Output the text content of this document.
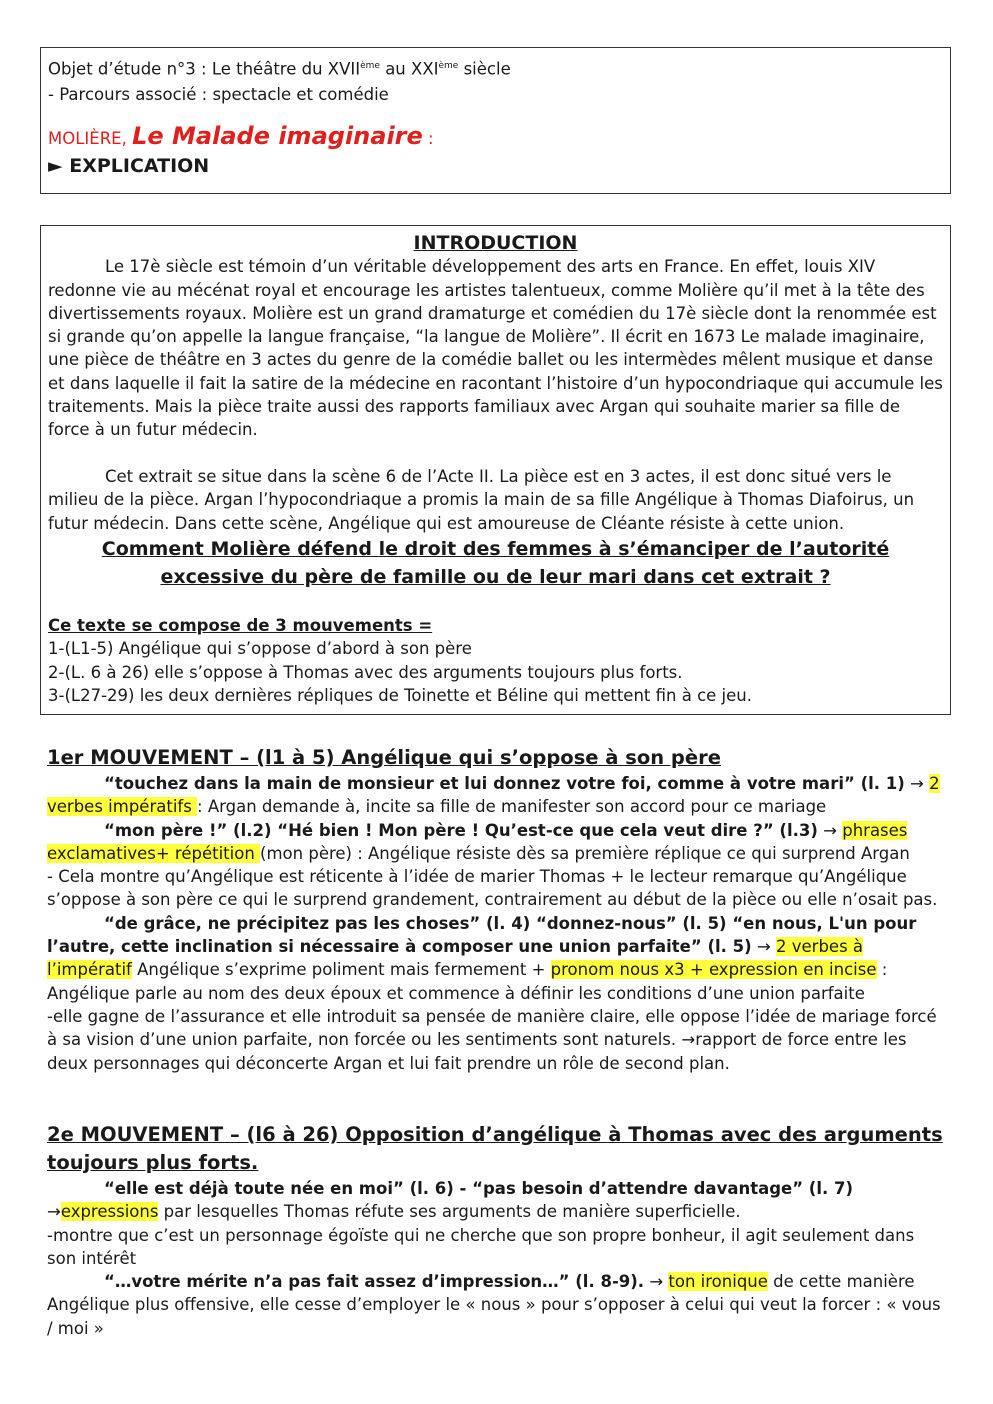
Objet d’étude n°3 : Le théâtre du XVIIème au XXIème siècle

- Parcours associé : spectacle et comédie

MOLIÈRE, Le Malade imaginaire :

► EXPLICATION

INTRODUCTION

Le 17è siècle est témoin d’un véritable développement des arts en France. En effet, louis XIV redonne vie au mécénat royal et encourage les artistes talentueux, comme Molière qu’il met à la tête des divertissements royaux. Molière est un grand dramaturge et comédien du 17è siècle dont la renommée est si grande qu’on appelle la langue française, “la langue de Molière”. Il écrit en 1673 Le malade imaginaire, une pièce de théâtre en 3 actes du genre de la comédie ballet ou les intermèdes mêlent musique et danse et dans laquelle il fait la satire de la médecine en racontant l’histoire d’un hypocondriaque qui accumule les traitements. Mais la pièce traite aussi des rapports familiaux avec Argan qui souhaite marier sa fille de force à un futur médecin.

Cet extrait se situe dans la scène 6 de l’Acte II. La pièce est en 3 actes, il est donc situé vers le milieu de la pièce. Argan l’hypocondriaque a promis la main de sa fille Angélique à Thomas Diafoirus, un futur médecin. Dans cette scène, Angélique qui est amoureuse de Cléante résiste à cette union.

Comment Molière défend le droit des femmes à s’émanciper de l’autorité excessive du père de famille ou de leur mari dans cet extrait ?

Ce texte se compose de 3 mouvements =

1-(L1-5) Angélique qui s’oppose d’abord à son père

2-(L. 6 à 26) elle s’oppose à Thomas avec des arguments toujours plus forts.

3-(L27-29) les deux dernières répliques de Toinette et Béline qui mettent fin à ce jeu.

1er MOUVEMENT – (l1 à 5) Angélique qui s’oppose à son père

“touchez dans la main de monsieur et lui donnez votre foi, comme à votre mari” (l. 1) → 2 verbes impératifs : Argan demande à, incite sa fille de manifester son accord pour ce mariage

“mon père !” (l.2) “Hé bien ! Mon père ! Qu’est-ce que cela veut dire ?” (l.3) → phrases exclamatives+ répétition (mon père) : Angélique résiste dès sa première réplique ce qui surprend Argan

- Cela montre qu’Angélique est réticente à l’idée de marier Thomas + le lecteur remarque qu’Angélique s’oppose à son père ce qui le surprend grandement, contrairement au début de la pièce ou elle n’osait pas.

“de grâce, ne précipitez pas les choses” (l. 4) “donnez-nous” (l. 5) “en nous, L'un pour l’autre, cette inclination si nécessaire à composer une union parfaite” (l. 5) → 2 verbes à l’impératif Angélique s’exprime poliment mais fermement + pronom nous x3 + expression en incise : Angélique parle au nom des deux époux et commence à définir les conditions d’une union parfaite

-elle gagne de l’assurance et elle introduit sa pensée de manière claire, elle oppose l’idée de mariage forcé à sa vision d’une union parfaite, non forcée ou les sentiments sont naturels. →rapport de force entre les deux personnages qui déconcerte Argan et lui fait prendre un rôle de second plan.

2e MOUVEMENT – (l6 à 26) Opposition d’angélique à Thomas avec des arguments toujours plus forts.

“elle est déjà toute née en moi” (l. 6) - “pas besoin d’attendre davantage” (l. 7)

→expressions par lesquelles Thomas réfute ses arguments de manière superficielle.

-montre que c’est un personnage égoïste qui ne cherche que son propre bonheur, il agit seulement dans son intérêt

“…votre mérite n’a pas fait assez d’impression…” (l. 8-9). → ton ironique de cette manière Angélique plus offensive, elle cesse d’employer le « nous » pour s’opposer à celui qui veut la forcer : « vous / moi »
